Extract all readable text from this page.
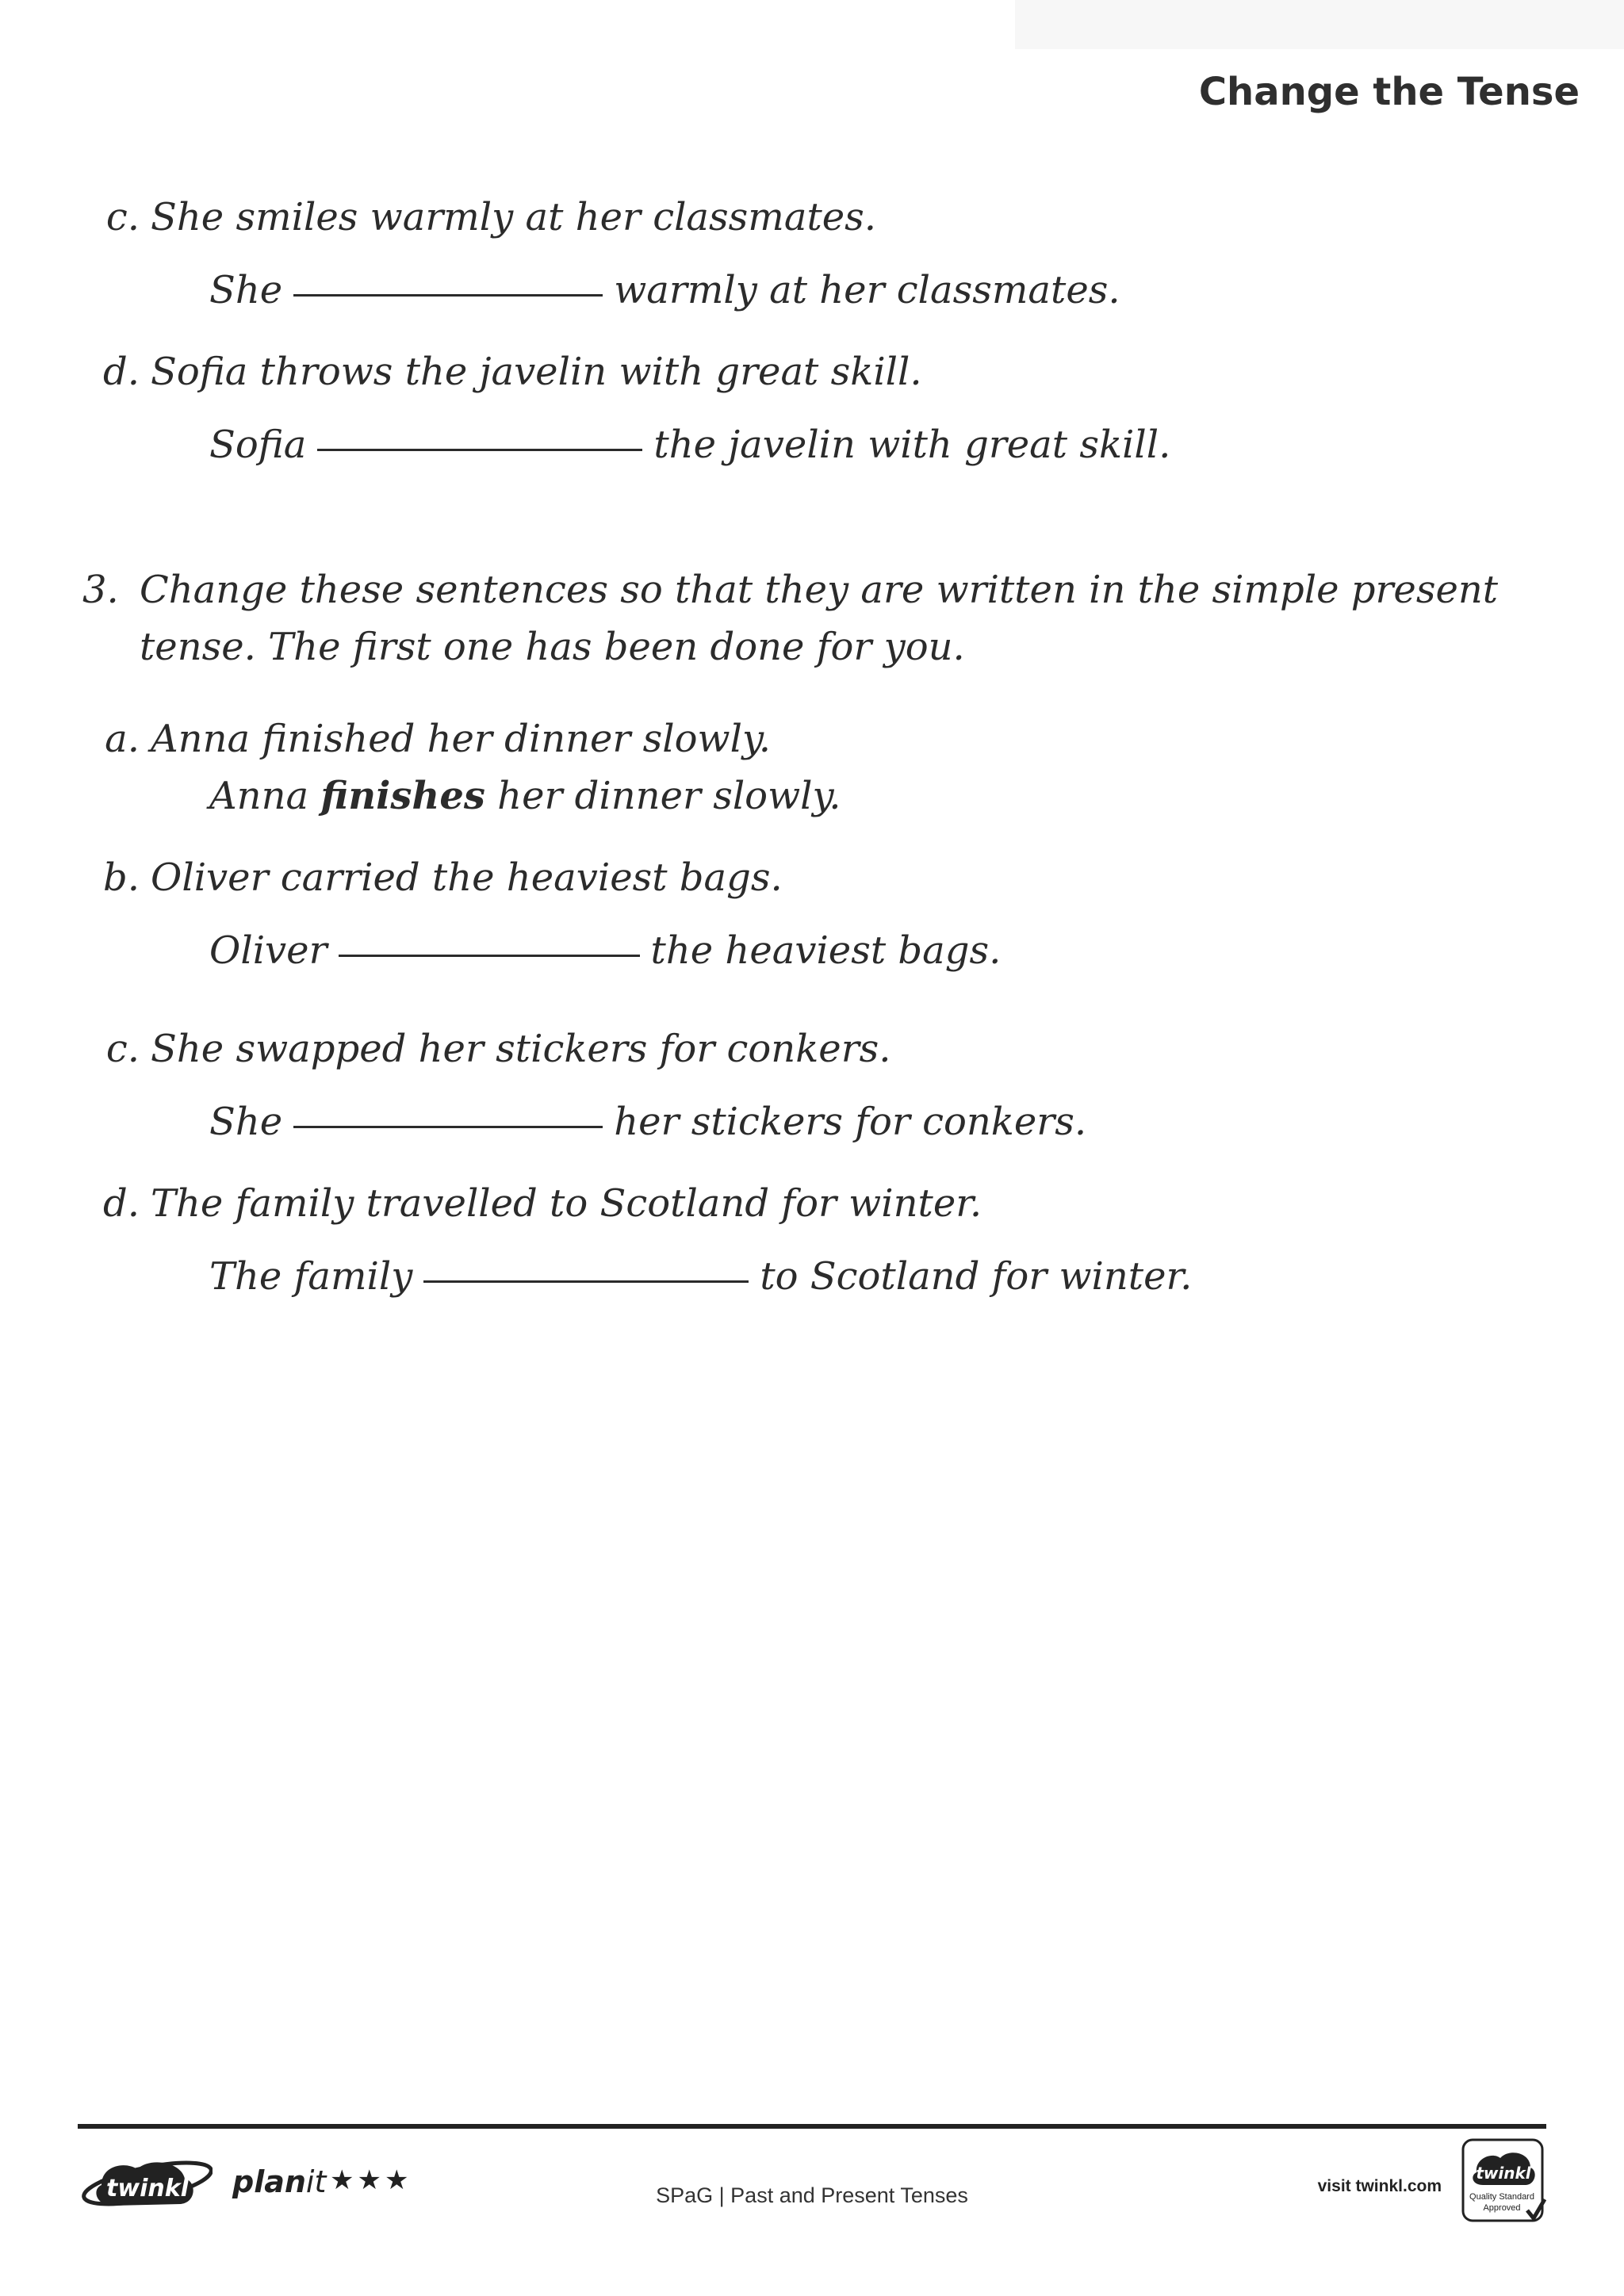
Change the Tense
c. She smiles warmly at her classmates.
She	warmly at her classmates.
d. Sofia throws the javelin with great skill.
Sofia	the javelin with great skill.
3. Change these sentences so that they are written in the simple present
tense. The first one has been done for you.
a. Anna finished her dinner slowly.
Anna finishes her dinner slowly.
b. Oliver carried the heaviest bags.
Oliver	the heaviest bags.
c. She swapped her stickers for conkers.
She	her stickers for conkers.
d. The family travelled to Scotland for winter.
The family	to Scotland for winter.
twinkl planit ★★★	SPaG | Past and Present Tenses	visit twinkl.com
twinkl
Quality Standard
Approved
